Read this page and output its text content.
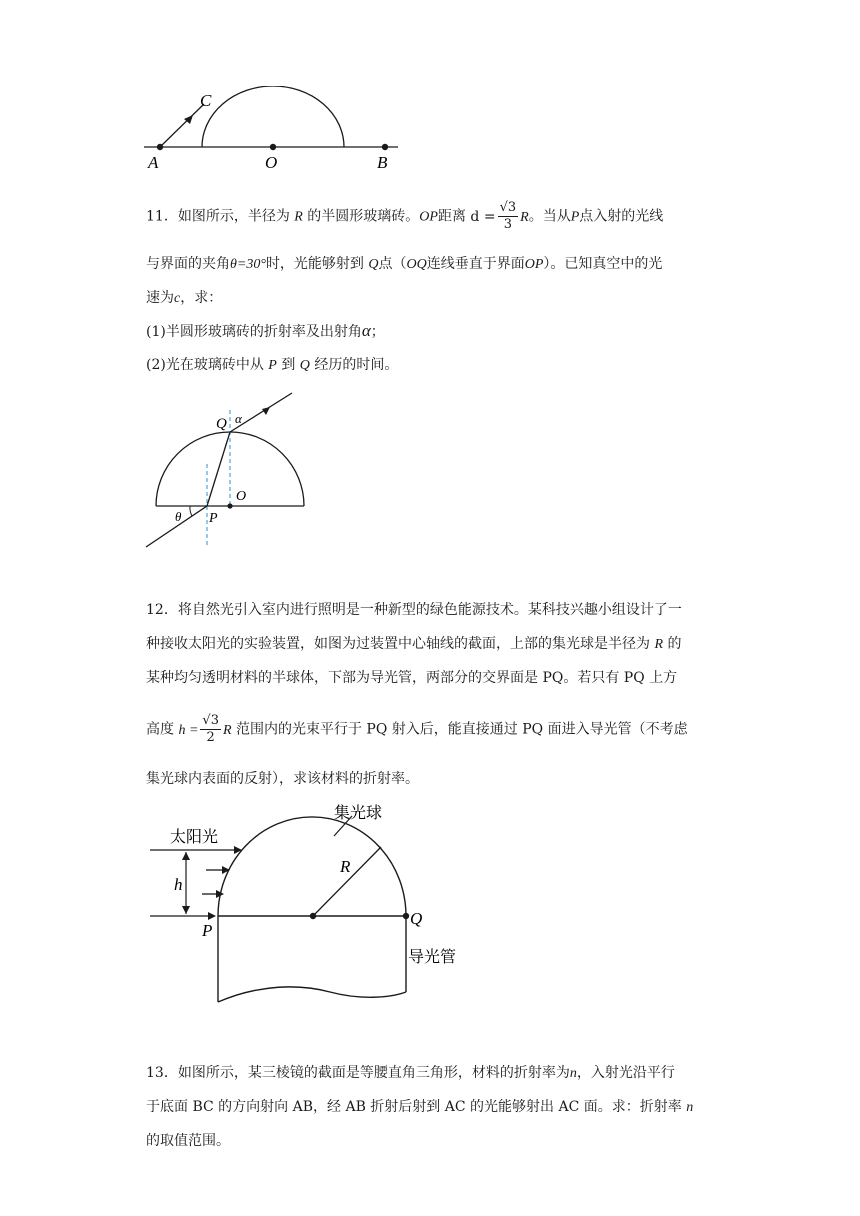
C
A	O	B
11．如图所示，半径为 R 的半圆形玻璃砖。OP距离 $d = \frac{√3}{3}$ R。当从P点入射的光线
与界面的夹角θ=30°时，光能够射到 Q点（OQ连线垂直于界面OP）。已知真空中的光
速为c，求：
(1)半圆形玻璃砖的折射率及出射角α；
(2)光在玻璃砖中从 P 到 Q 经历的时间。
Q α
O
P
θ
12．将自然光引入室内进行照明是一种新型的绿色能源技术。某科技兴趣小组设计了一
种接收太阳光的实验装置，如图为过装置中心轴线的截面，上部的集光球是半径为 R 的
某种均匀透明材料的半球体，下部为导光管，两部分的交界面是 PQ。若只有 PQ 上方
高度 $h = \frac{√3}{2}$ R 范围内的光束平行于 PQ 射入后，能直接通过 PQ 面进入导光管（不考虑
集光球内表面的反射），求该材料的折射率。
集光球
太阳光
R
h
P
Q
导光管
13．如图所示，某三棱镜的截面是等腰直角三角形，材料的折射率为n，入射光沿平行
于底面 BC 的方向射向 AB，经 AB 折射后射到 AC 的光能够射出 AC 面。求：折射率 n
的取值范围。
